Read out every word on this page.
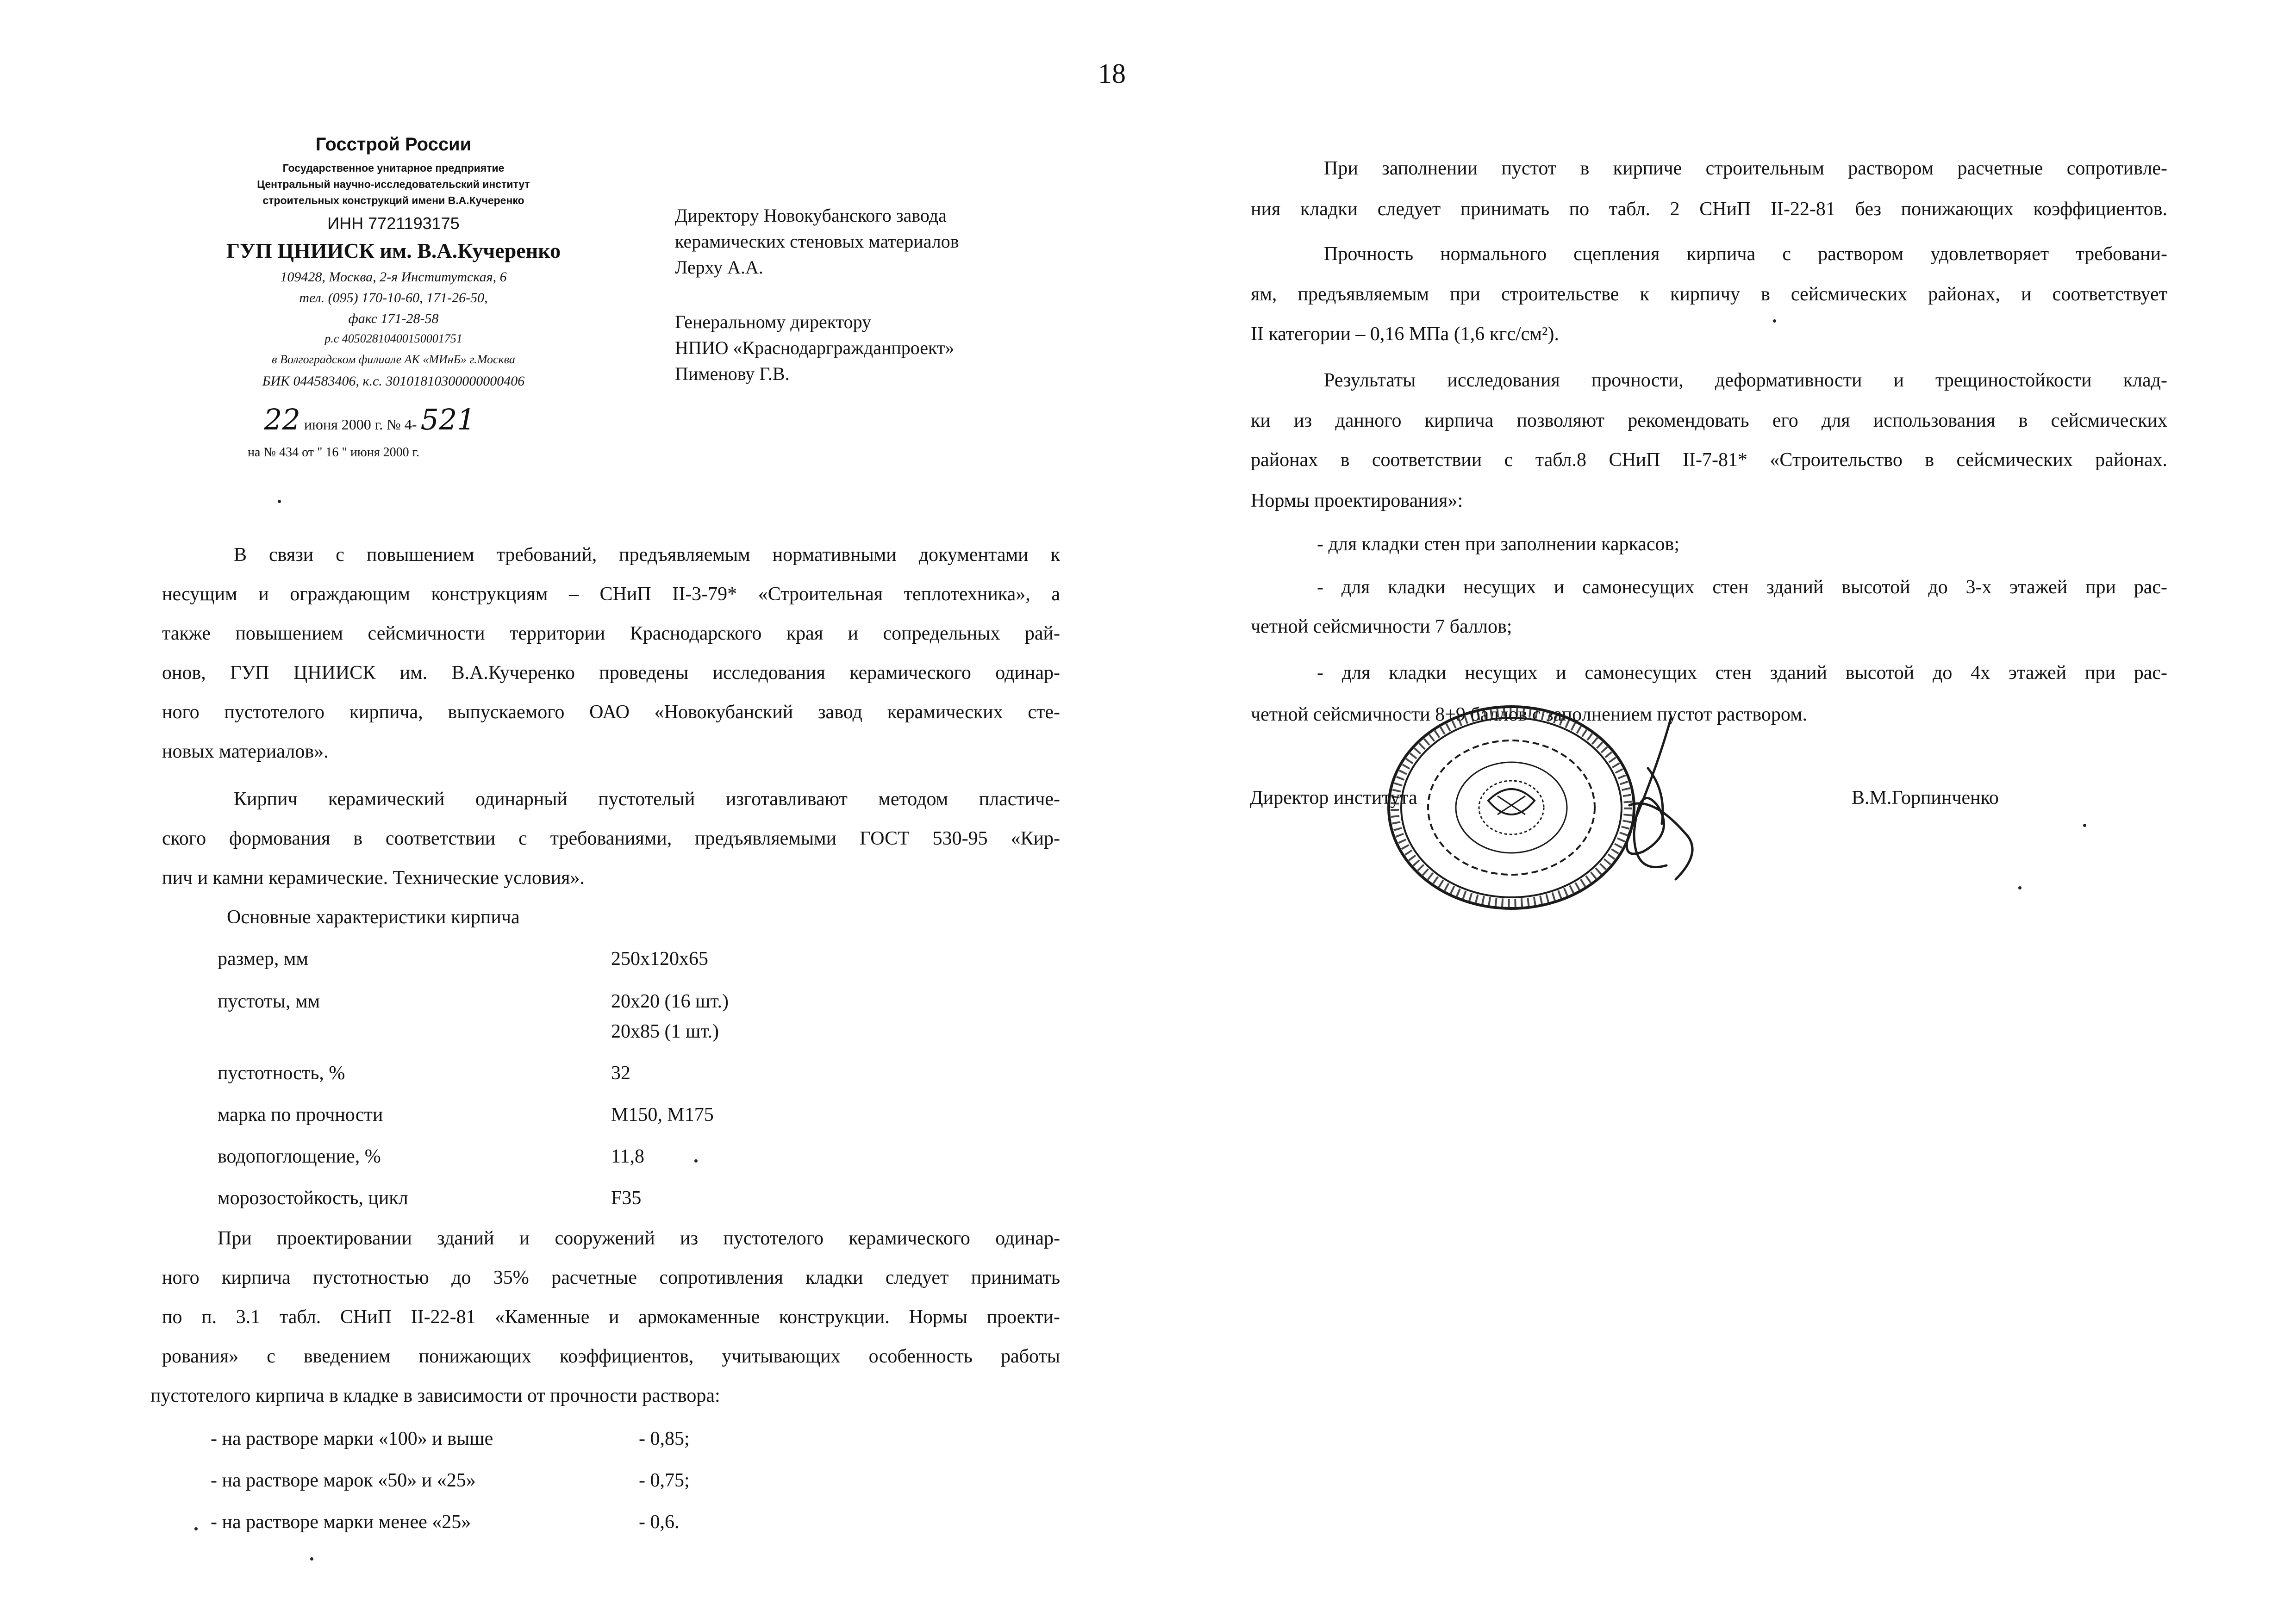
18
Госстрой России
Государственное унитарное предприятие
Центральный научно-исследовательский институт
строительных конструкций имени В.А.Кучеренко
ИНН 7721193175
ГУП ЦНИИСК им. В.А.Кучеренко
109428, Москва, 2-я Институтская, 6
тел. (095) 170-10-60, 171-26-50,
факс 171-28-58
р.с 40502810400150001751
в Волгоградском филиале АК «МИнБ» г.Москва
БИК 044583406, к.с. 30101810300000000406
22 июня 2000 г. № 4- 521
на № 434 от " 16 " июня 2000 г.
Директору Новокубанского завода
керамических стеновых материалов
Лерху А.А.
Генеральному директору
НПИО «Краснодаргражданпроект»
Пименову Г.В.
В связи с повышением требований, предъявляемым нормативными документами к
несущим и ограждающим конструкциям – СНиП II-3-79* «Строительная теплотехника», а
также повышением сейсмичности территории Краснодарского края и сопредельных рай-
онов, ГУП ЦНИИСК им. В.А.Кучеренко проведены исследования керамического одинар-
ного пустотелого кирпича, выпускаемого ОАО «Новокубанский завод керамических сте-
новых материалов».
Кирпич керамический одинарный пустотелый изготавливают методом пластиче-
ского формования в соответствии с требованиями, предъявляемыми ГОСТ 530-95 «Кир-
пич и камни керамические. Технические условия».
Основные характеристики кирпича
размер, мм	250x120x65
пустоты, мм	20x20 (16 шт.)
20x85 (1 шт.)
пустотность, %	32
марка по прочности	М150, М175
водопоглощение, %	11,8
морозостойкость, цикл	F35
При проектировании зданий и сооружений из пустотелого керамического одинар-
ного кирпича пустотностью до 35% расчетные сопротивления кладки следует принимать
по п. 3.1 табл. СНиП II-22-81 «Каменные и армокаменные конструкции. Нормы проекти-
рования» с введением понижающих коэффициентов, учитывающих особенность работы
пустотелого кирпича в кладке в зависимости от прочности раствора:
- на растворе марки «100» и выше	- 0,85;
- на растворе марок «50» и «25»	- 0,75;
- на растворе марки менее «25»	- 0,6.
При заполнении пустот в кирпиче строительным раствором расчетные сопротивле-
ния кладки следует принимать по табл. 2 СНиП II-22-81 без понижающих коэффициентов.
Прочность нормального сцепления кирпича с раствором удовлетворяет требовани-
ям, предъявляемым при строительстве к кирпичу в сейсмических районах, и соответствует
II категории – 0,16 МПа (1,6 кгс/см²).
Результаты исследования прочности, деформативности и трещиностойкости клад-
ки из данного кирпича позволяют рекомендовать его для использования в сейсмических
районах в соответствии с табл.8 СНиП II-7-81* «Строительство в сейсмических районах.
Нормы проектирования»:
- для кладки стен при заполнении каркасов;
- для кладки несущих и самонесущих стен зданий высотой до 3-х этажей при рас-
четной сейсмичности 7 баллов;
- для кладки несущих и самонесущих стен зданий высотой до 4х этажей при рас-
четной сейсмичности 8+9 баллов с заполнением пустот раствором.
Директор института	В.М.Горпинченко
